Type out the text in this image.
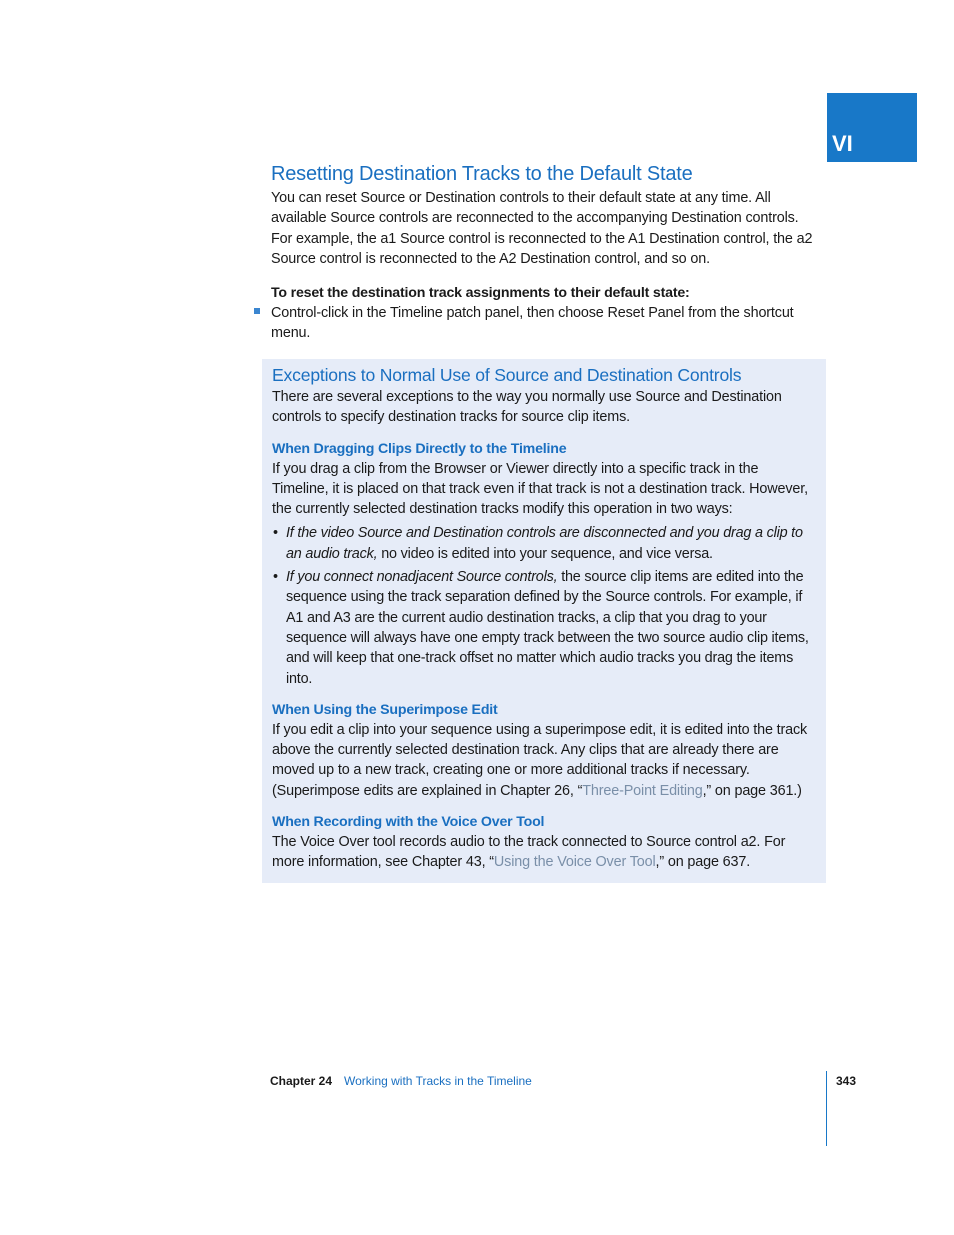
VI
Resetting Destination Tracks to the Default State

You can reset Source or Destination controls to their default state at any time. All available Source controls are reconnected to the accompanying Destination controls. For example, the a1 Source control is reconnected to the A1 Destination control, the a2 Source control is reconnected to the A2 Destination control, and so on.

To reset the destination track assignments to their default state:
Control-click in the Timeline patch panel, then choose Reset Panel from the shortcut menu.
Exceptions to Normal Use of Source and Destination Controls

There are several exceptions to the way you normally use Source and Destination controls to specify destination tracks for source clip items.

When Dragging Clips Directly to the Timeline

If you drag a clip from the Browser or Viewer directly into a specific track in the Timeline, it is placed on that track even if that track is not a destination track. However, the currently selected destination tracks modify this operation in two ways:

• If the video Source and Destination controls are disconnected and you drag a clip to an audio track, no video is edited into your sequence, and vice versa.
• If you connect nonadjacent Source controls, the source clip items are edited into the sequence using the track separation defined by the Source controls. For example, if A1 and A3 are the current audio destination tracks, a clip that you drag to your sequence will always have one empty track between the two source audio clip items, and will keep that one-track offset no matter which audio tracks you drag the items into.
When Using the Superimpose Edit

If you edit a clip into your sequence using a superimpose edit, it is edited into the track above the currently selected destination track. Any clips that are already there are moved up to a new track, creating one or more additional tracks if necessary. (Superimpose edits are explained in Chapter 26, “Three-Point Editing,” on page 361.)

When Recording with the Voice Over Tool

The Voice Over tool records audio to the track connected to Source control a2. For more information, see Chapter 43, “Using the Voice Over Tool,” on page 637.

Chapter 24 Working with Tracks in the Timeline	343
